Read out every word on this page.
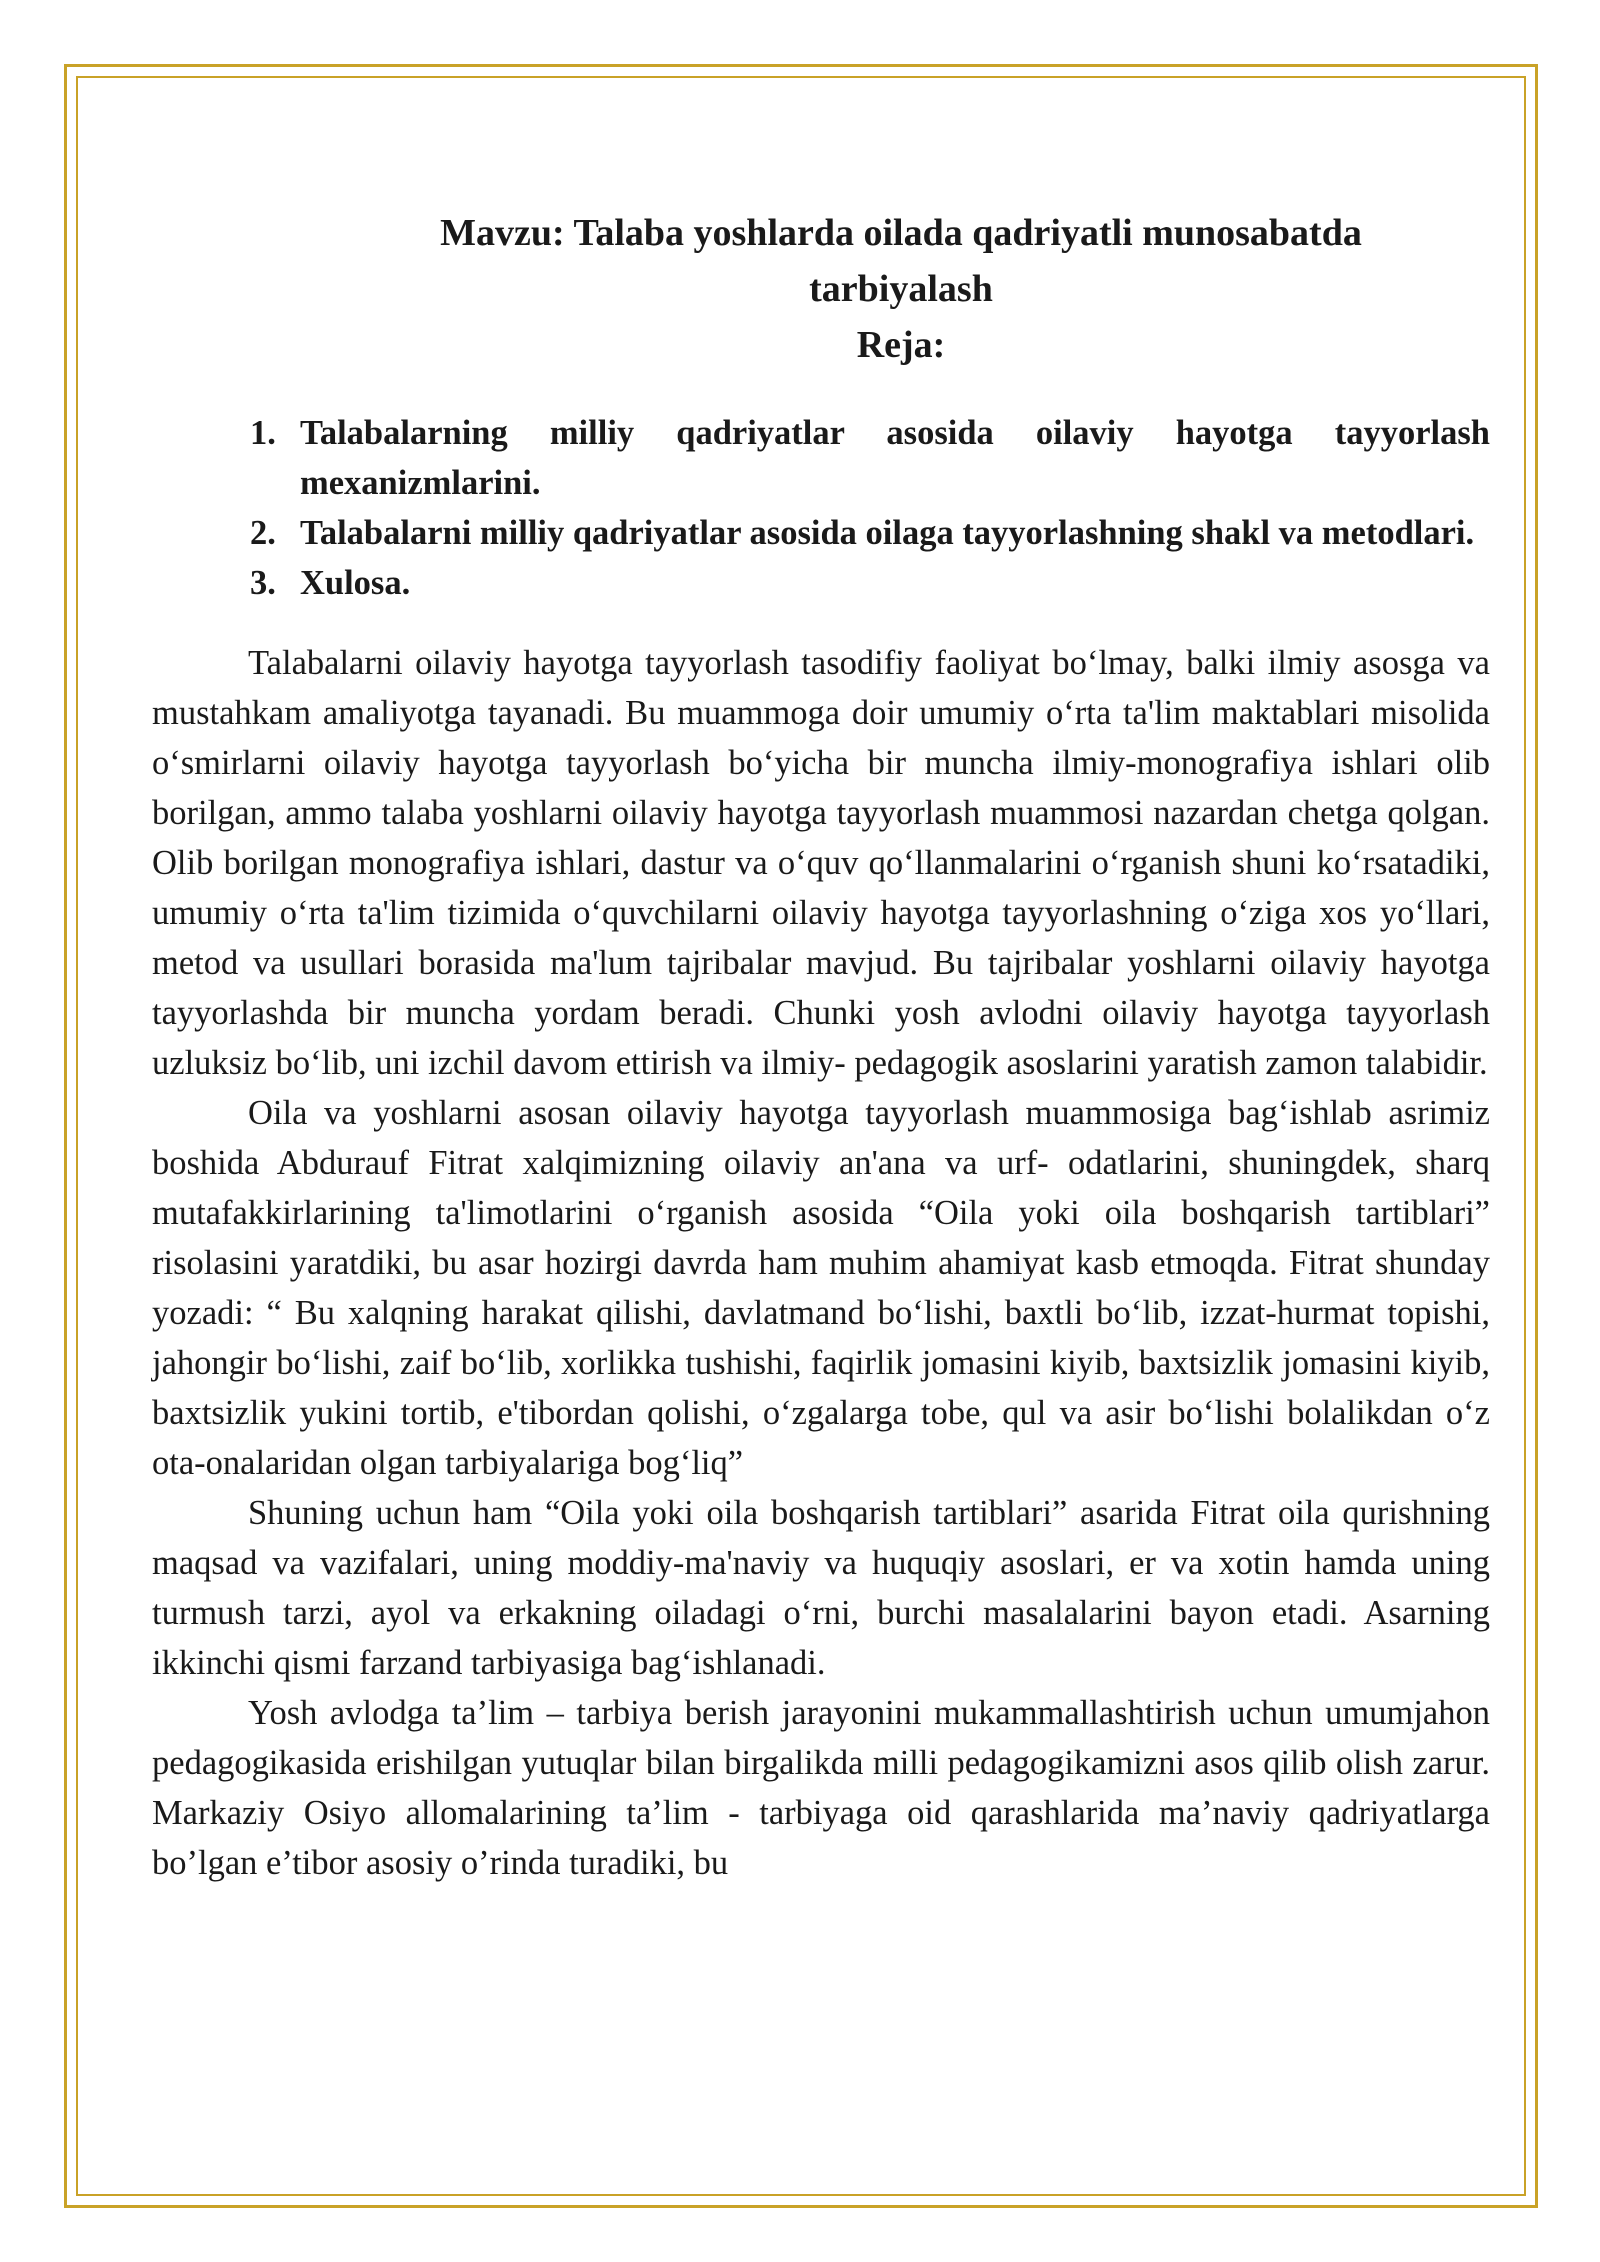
Mavzu: Talaba yoshlarda oilada qadriyatli munosabatda
tarbiyalash
Reja:
1. Talabalarning milliy qadriyatlar asosida oilaviy hayotga tayyorlash mexanizmlarini.
2. Talabalarni milliy qadriyatlar asosida oilaga tayyorlashning shakl va metodlari.
3. Xulosa.

Talabalarni oilaviy hayotga tayyorlash tasodifiy faoliyat bo‘lmay, balki ilmiy asosga va mustahkam amaliyotga tayanadi. Bu muammoga doir umumiy o‘rta ta'lim maktablari misolida o‘smirlarni oilaviy hayotga tayyorlash bo‘yicha bir muncha ilmiy-monografiya ishlari olib borilgan, ammo talaba yoshlarni oilaviy hayotga tayyorlash muammosi nazardan chetga qolgan. Olib borilgan monografiya ishlari, dastur va o‘quv qo‘llanmalarini o‘rganish shuni ko‘rsatadiki, umumiy o‘rta ta'lim tizimida o‘quvchilarni oilaviy hayotga tayyorlashning o‘ziga xos yo‘llari, metod va usullari borasida ma'lum tajribalar mavjud. Bu tajribalar yoshlarni oilaviy hayotga tayyorlashda bir muncha yordam beradi. Chunki yosh avlodni oilaviy hayotga tayyorlash uzluksiz bo‘lib, uni izchil davom ettirish va ilmiy- pedagogik asoslarini yaratish zamon talabidir.

Oila va yoshlarni asosan oilaviy hayotga tayyorlash muammosiga bag‘ishlab asrimiz boshida Abdurauf Fitrat xalqimizning oilaviy an'ana va urf- odatlarini, shuningdek, sharq mutafakkirlarining ta'limotlarini o‘rganish asosida “Oila yoki oila boshqarish tartiblari” risolasini yaratdiki, bu asar hozirgi davrda ham muhim ahamiyat kasb etmoqda. Fitrat shunday yozadi: “ Bu xalqning harakat qilishi, davlatmand bo‘lishi, baxtli bo‘lib, izzat-hurmat topishi, jahongir bo‘lishi, zaif bo‘lib, xorlikka tushishi, faqirlik jomasini kiyib, baxtsizlik jomasini kiyib, baxtsizlik yukini tortib, e'tibordan qolishi, o‘zgalarga tobe, qul va asir bo‘lishi bolalikdan o‘z ota-onalaridan olgan tarbiyalariga bog‘liq”

Shuning uchun ham “Oila yoki oila boshqarish tartiblari” asarida Fitrat oila qurishning maqsad va vazifalari, uning moddiy-ma'naviy va huquqiy asoslari, er va xotin hamda uning turmush tarzi, ayol va erkakning oiladagi o‘rni, burchi masalalarini bayon etadi. Asarning ikkinchi qismi farzand tarbiyasiga bag‘ishlanadi.

Yosh avlodga ta’lim – tarbiya berish jarayonini mukammallashtirish uchun umumjahon pedagogikasida erishilgan yutuqlar bilan birgalikda milli pedagogikamizni asos qilib olish zarur. Markaziy Osiyo allomalarining ta’lim - tarbiyaga oid qarashlarida ma’naviy qadriyatlarga bo’lgan e’tibor asosiy o’rinda turadiki, bu
